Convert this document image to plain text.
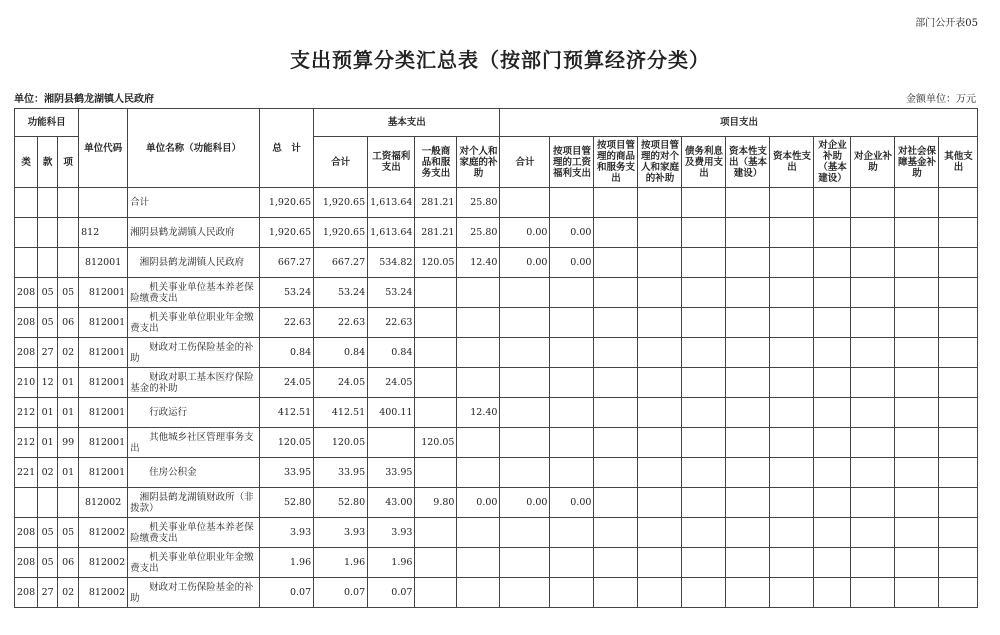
部门公开表05
支出预算分类汇总表（按部门预算经济分类）
单位：湘阴县鹤龙湖镇人民政府	金额单位：万元
功能科目			单位代码	单位名称（功能科目）	总　计	基本支出				项目支出										
类	款	项				合计	工资福利支出	一般商品和服务支出	对个人和家庭的补助	合计	按项目管理的工资福利支出	按项目管理的商品和服务支出	按项目管理的对个人和家庭的补助	债务利息及费用支出	资本性支出（基本建设）	资本性支出	对企业补助（基本建设）	对企业补助	对社会保障基金补助	其他支出
				合计	1,920.65	1,920.65	1,613.64	281.21	25.80											
			812	湘阴县鹤龙湖镇人民政府	1,920.65	1,920.65	1,613.64	281.21	25.80	0.00	0.00									
			812001	　湘阴县鹤龙湖镇人民政府	667.27	667.27	534.82	120.05	12.40	0.00	0.00									
208	05	05	812001	　　机关事业单位基本养老保险缴费支出	53.24	53.24	53.24													
208	05	06	812001	　　机关事业单位职业年金缴费支出	22.63	22.63	22.63													
208	27	02	812001	　　财政对工伤保险基金的补助	0.84	0.84	0.84													
210	12	01	812001	　　财政对职工基本医疗保险基金的补助	24.05	24.05	24.05													
212	01	01	812001	　　行政运行	412.51	412.51	400.11		12.40											
212	01	99	812001	　　其他城乡社区管理事务支出	120.05	120.05		120.05												
221	02	01	812001	　　住房公积金	33.95	33.95	33.95													
			812002	　湘阴县鹤龙湖镇财政所（非拨款）	52.80	52.80	43.00	9.80	0.00	0.00	0.00									
208	05	05	812002	　　机关事业单位基本养老保险缴费支出	3.93	3.93	3.93													
208	05	06	812002	　　机关事业单位职业年金缴费支出	1.96	1.96	1.96													
208	27	02	812002	　　财政对工伤保险基金的补助	0.07	0.07	0.07													
